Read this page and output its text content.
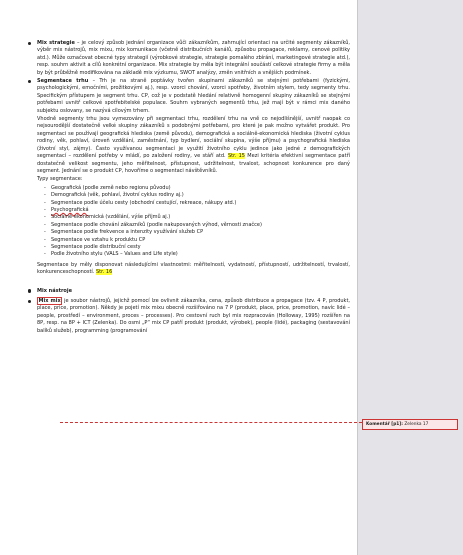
Mix strategie – je celový způsob jednání organizace vůči zákazníkům, zahrnující orientaci na určité segmenty zákazníků, výběr mix nástrojů, mix mixu, mix komunikace (včetně distribučních kanálů, způsobu propagace, reklamy, cenové politiky atd.). Může označovat obecné typy strategií (výrobkové strategie, strategie pomalého zbírání, marketingové strategie atd.), resp. souhrn aktivit a cílů konkrétní organizace. Mix strategie by měla být integrální součástí celkové strategie firmy a měla by být průběžně modifikována na základě mix výzkumu, SWOT analýzy, změn vnitřních a vnějších podmínek.
Segmentace trhu – Trh je na straně poptávky tvořen skupinami zákazníků se stejnými potřebami (fyzickými, psychologickými, emočními, prožitkovými aj.), resp. vzorci chování, vzorci spotřeby, životním stylem, tedy segmenty trhu. Specifickým přístupem je segment trhu. CP, což je v podstatě hledání relativně homogenní skupiny zákazníků se stejnými potřebami uvnitř celkové spotřebitelské populace. Souhrn vybraných segmentů trhu, jež mají být v rámci mix daného subjektu oslovany, se nazývá cílovým trhem.
Vhodně segmenty trhu jsou vymezovány při segmentaci trhu, rozdělení trhu na vně co nejodlišnější, uvnitř naopak co nejsourodější dostatečně velké skupiny zákazníků s podobnými potřebami, pro které je pak možno vytvářet produkt. Pro segmentaci se používají geografická hlediska (země původu), demografická a sociálně-ekonomická hlediska (životní cyklus rodiny, věk, pohlaví, úroveň vzdělání, zaměstnání, typ bydlení, sociální skupina, výše příjmu) a psychografická hlediska (životní styl, zájmy). Často využívanou segmentací je využití životního cyklu jedince jako jedné z demografických segmentací – rozdělení potřeby v mládí, po založení rodiny, ve stáří atd. Str. 15 Mezi kritéria efektivní segmentace patří dostatečně velikost segmentu, jeho měřitelnost, přístupnost, udržitelnost, trvalost, schopnost konkurence pro daný segment. Jednání se o produkt CP, hovoříme o segmentaci návštěvníků.
Typy segmentace:
- Geografická (podle země nebo regionu původu)
- Demografická (věk, pohlaví, životní cyklus rodiny aj.)
- Segmentace podle účelu cesty (obchodní cestující, rekreace, nákupy atd.)
- Psychografická
- Sociálně-ekonomická (vzdělání, výše příjmů aj.)
- Segmentace podle chování zákazníků (podle nakupovaných výhod, věrnosti značce)
- Segmentace podle frekvence a intenzity využívání služeb CP
- Segmentace ve vztahu k produktu CP
- Segmentace podle distribuční cesty
- Podle životního stylu (VALS – Values and Life style)
Segmentace by měly disponovat následujícími vlastnostmi: měřitelností, vydatností, přístupností, udržitelností, trvalostí, konkurenceschopností. Str. 16
Mix nástroje
Mix mix je soubor nástrojů, jejichž pomocí lze ovlivnit zákazníka, cena, způsob distribuce a propagace (tzv. 4 P, produkt, place, price, promotion). Někdy je pojetí mix mixu obecně rozšiřováno na 7 P (produkt, place, price, promotion, navíc lidé – people, prostředí – environment, proces – processes). Pro cestovní ruch byl mix rozpracován (Holloway, 1995) rozšířen na 8P, resp. na 8P + ICT (Zelenka). Do osmi „P“ mix CP patří produkt (produkt, výrobek), people (lidé), packaging (sestavování balíků služeb), programming (programování
Komentář [p1]: Zelenka 17
